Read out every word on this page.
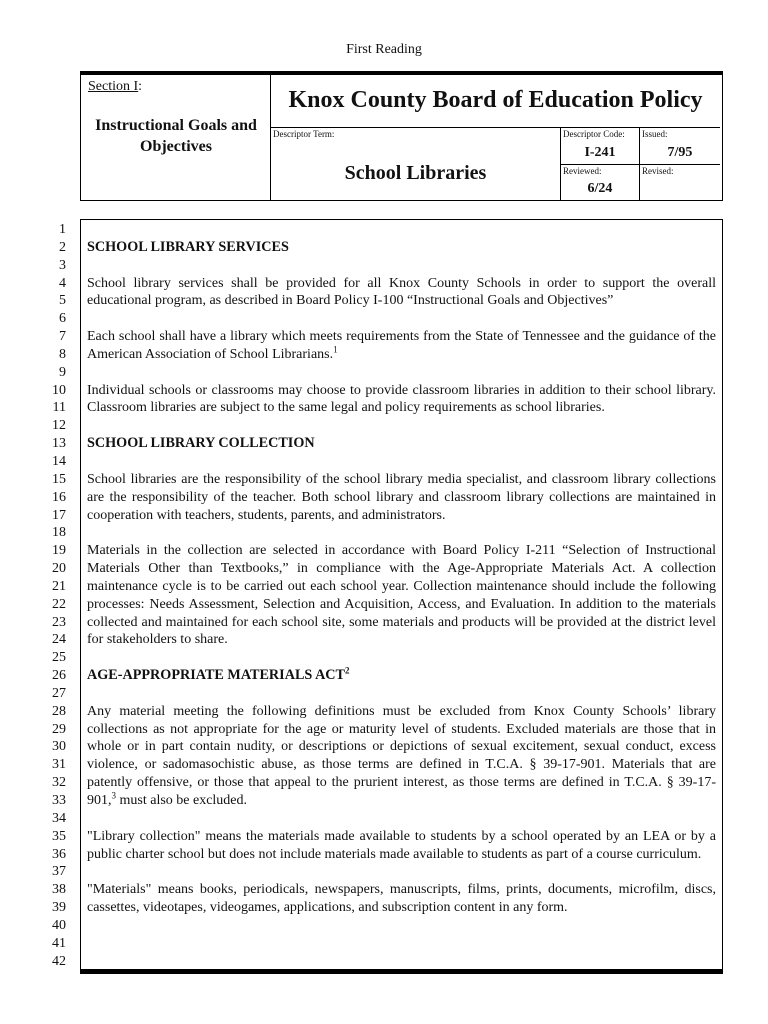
First Reading
Section I:
Instructional Goals and Objectives
Knox County Board of Education Policy
Descriptor Term:
School Libraries
Descriptor Code:
I-241
Issued:
7/95
Reviewed:
6/24
Revised:
1
2
3
4
5
6
7
8
9
10
11
12
13
14
15
16
17
18
19
20
21
22
23
24
25
26
27
28
29
30
31
32
33
34
35
36
37
38
39
40
41
42
SCHOOL LIBRARY SERVICES

School library services shall be provided for all Knox County Schools in order to support the overall educational program, as described in Board Policy I-100 “Instructional Goals and Objectives”

Each school shall have a library which meets requirements from the State of Tennessee and the guidance of the American Association of School Librarians.$^1$

Individual schools or classrooms may choose to provide classroom libraries in addition to their school library. Classroom libraries are subject to the same legal and policy requirements as school libraries.

SCHOOL LIBRARY COLLECTION

School libraries are the responsibility of the school library media specialist, and classroom library collections are the responsibility of the teacher. Both school library and classroom library collections are maintained in cooperation with teachers, students, parents, and administrators.

Materials in the collection are selected in accordance with Board Policy I-211 “Selection of Instructional Materials Other than Textbooks,” in compliance with the Age-Appropriate Materials Act. A collection maintenance cycle is to be carried out each school year. Collection maintenance should include the following processes: Needs Assessment, Selection and Acquisition, Access, and Evaluation. In addition to the materials collected and maintained for each school site, some materials and products will be provided at the district level for stakeholders to share.

AGE-APPROPRIATE MATERIALS ACT$^2$

Any material meeting the following definitions must be excluded from Knox County Schools’ library collections as not appropriate for the age or maturity level of students. Excluded materials are those that in whole or in part contain nudity, or descriptions or depictions of sexual excitement, sexual conduct, excess violence, or sadomasochistic abuse, as those terms are defined in T.C.A. § 39-17-901. Materials that are patently offensive, or those that appeal to the prurient interest, as those terms are defined in T.C.A. § 39-17-901,$^3$ must also be excluded.

"Library collection" means the materials made available to students by a school operated by an LEA or by a public charter school but does not include materials made available to students as part of a course curriculum.

"Materials" means books, periodicals, newspapers, manuscripts, films, prints, documents, microfilm, discs, cassettes, videotapes, videogames, applications, and subscription content in any form.
